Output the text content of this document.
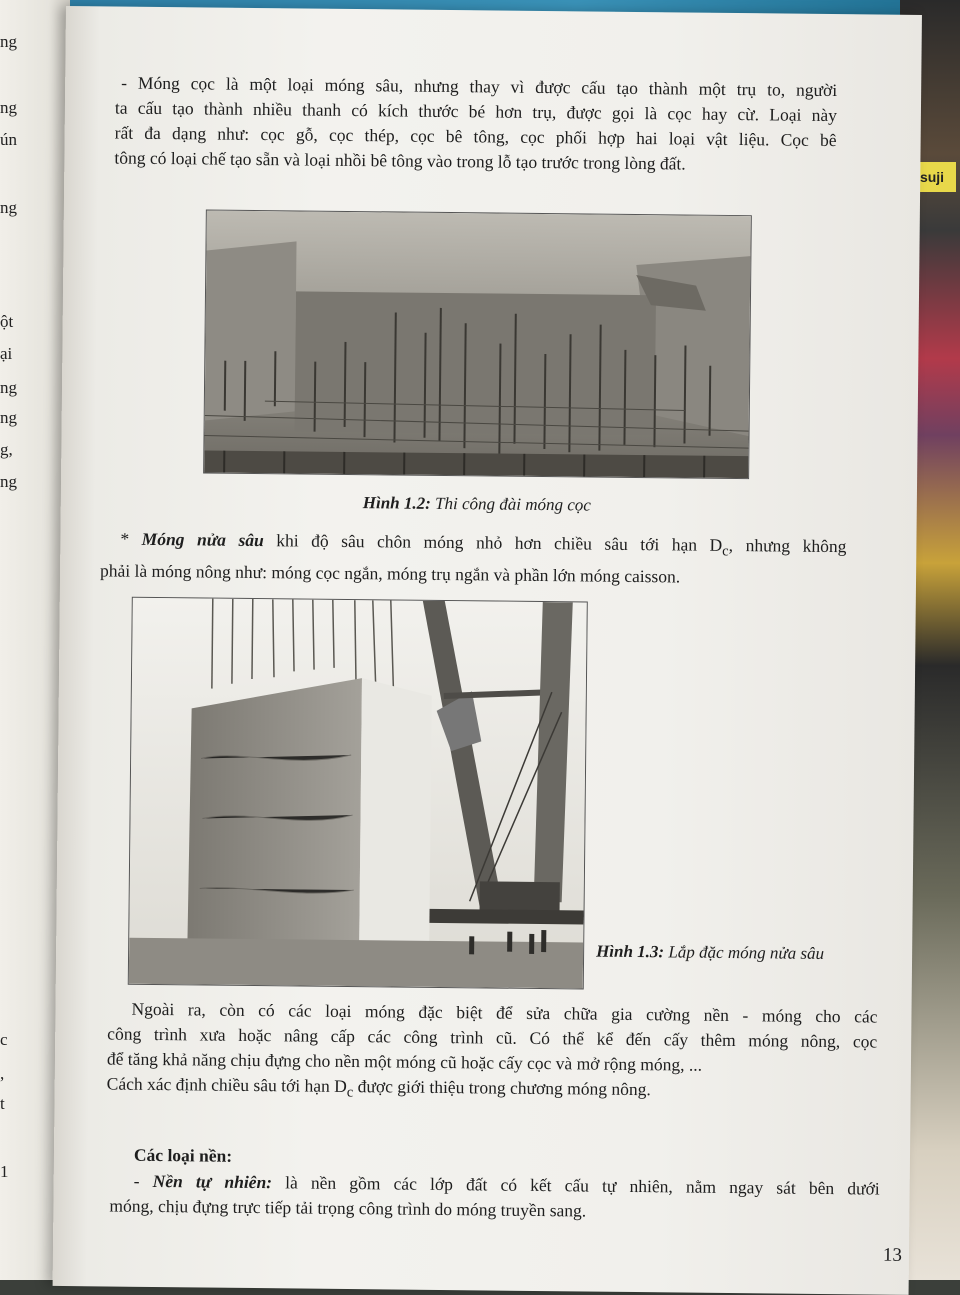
suji
ng
ng
ún
ng
ột
ại
ng
ng
g,
ng
c
,
t
1
- Móng cọc là một loại móng sâu, nhưng thay vì được cấu tạo thành một trụ to, người
ta cấu tạo thành nhiều thanh có kích thước bé hơn trụ, được gọi là cọc hay cừ. Loại này
rất đa dạng như: cọc gỗ, cọc thép, cọc bê tông, cọc phối hợp hai loại vật liệu. Cọc bê
tông có loại chế tạo sẵn và loại nhồi bê tông vào trong lỗ tạo trước trong lòng đất.
Hình 1.2: Thi công đài móng cọc
* Móng nửa sâu khi độ sâu chôn móng nhỏ hơn chiều sâu tới hạn $D_c$, nhưng không
phải là móng nông như: móng cọc ngắn, móng trụ ngắn và phần lớn móng caisson.
Hình 1.3: Lắp đặc móng nửa sâu
Ngoài ra, còn có các loại móng đặc biệt để sửa chữa gia cường nền - móng cho các
công trình xưa hoặc nâng cấp các công trình cũ. Có thể kể đến cấy thêm móng nông, cọc
để tăng khả năng chịu đựng cho nền một móng cũ hoặc cấy cọc và mở rộng móng, ...
Cách xác định chiều sâu tới hạn $D_c$ được giới thiệu trong chương móng nông.
Các loại nền:
- Nền tự nhiên: là nền gồm các lớp đất có kết cấu tự nhiên, nằm ngay sát bên dưới
móng, chịu đựng trực tiếp tải trọng công trình do móng truyền sang.
13
